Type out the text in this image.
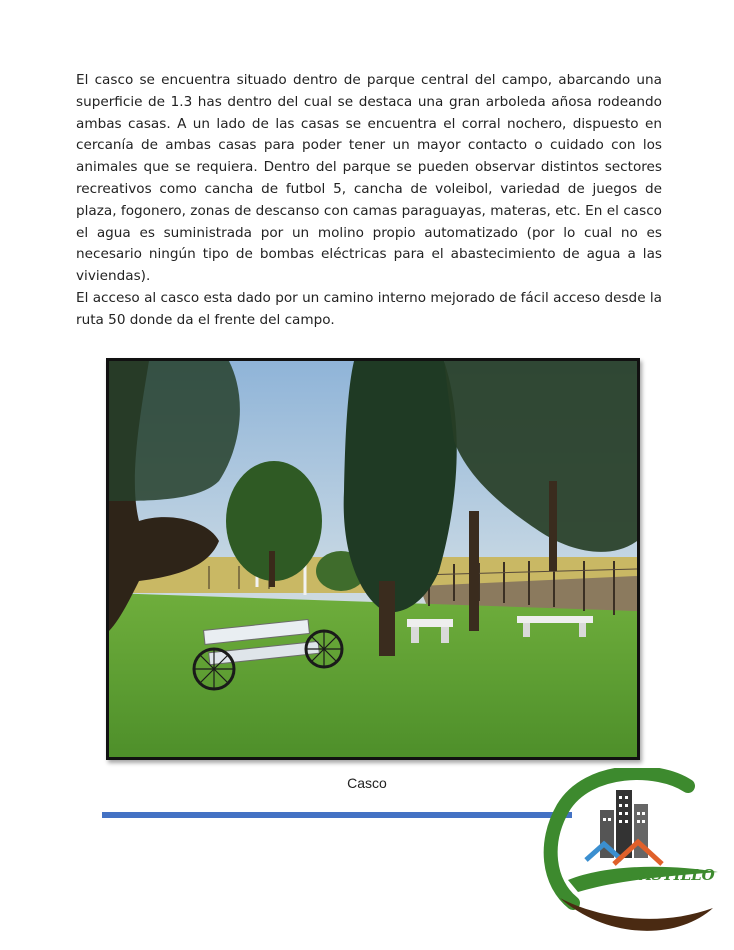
El casco se encuentra situado dentro de parque central del campo, abarcando una superficie de 1.3 has dentro del cual se destaca una gran arboleda añosa rodeando ambas casas. A un lado de las casas se encuentra el corral nochero, dispuesto en cercanía de ambas casas para poder tener un mayor contacto o cuidado con los animales que se requiera. Dentro del parque se pueden observar distintos sectores recreativos como cancha de futbol 5, cancha de voleibol, variedad de juegos de plaza, fogonero, zonas de descanso con camas paraguayas, materas, etc. En el casco el agua es suministrada por un molino propio automatizado (por lo cual no es necesario ningún tipo de bombas eléctricas para el abastecimiento de agua a las viviendas).

El acceso al casco esta dado por un camino interno mejorado de fácil acceso desde la ruta 50 donde da el frente del campo.

Casco
CASTILLO
